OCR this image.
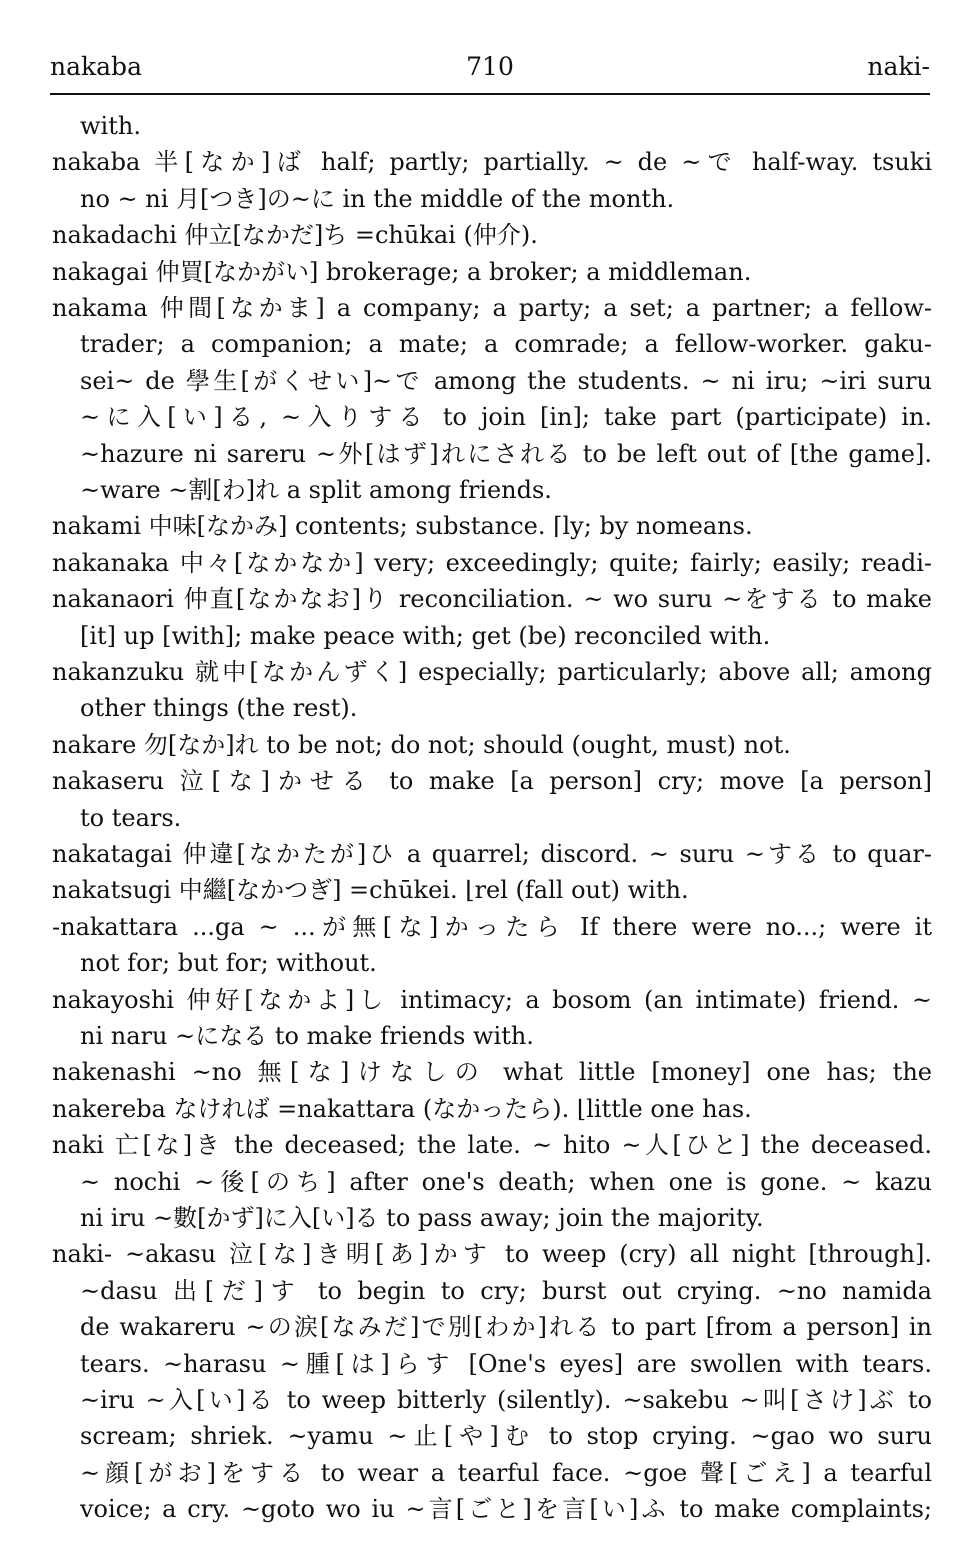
nakaba	710	naki-
with.
nakaba 半[なか]ば half; partly; partially. ~ de ~で half-way. tsuki
no ~ ni 月[つき]の~に in the middle of the month.
nakadachi 仲立[なかだ]ち =chūkai (仲介).
nakagai 仲買[なかがい] brokerage; a broker; a middleman.
nakama 仲間[なかま] a company; a party; a set; a partner; a fellow-
trader; a companion; a mate; a comrade; a fellow-worker. gaku-
sei~ de 學生[がくせい]~で among the students. ~ ni iru; ~iri suru
~に入[い]る, ~入りする to join [in]; take part (participate) in.
~hazure ni sareru ~外[はず]れにされる to be left out of [the game].
~ware ~割[わ]れ a split among friends.
nakami 中味[なかみ] contents; substance. ⌈ly; by nomeans.
nakanaka 中々[なかなか] very; exceedingly; quite; fairly; easily; readi-
nakanaori 仲直[なかなお]り reconciliation. ~ wo suru ~をする to make
[it] up [with]; make peace with; get (be) reconciled with.
nakanzuku 就中[なかんずく] especially; particularly; above all; among
other things (the rest).
nakare 勿[なか]れ to be not; do not; should (ought, must) not.
nakaseru 泣[な]かせる to make [a person] cry; move [a person]
to tears.
nakatagai 仲違[なかたが]ひ a quarrel; discord. ~ suru ~する to quar-
nakatsugi 中繼[なかつぎ] =chūkei. ⌊rel (fall out) with.
-nakattara ...ga ~ ...が無[な]かったら If there were no...; were it
not for; but for; without.
nakayoshi 仲好[なかよ]し intimacy; a bosom (an intimate) friend. ~
ni naru ~になる to make friends with.
nakenashi ~no 無[な]けなしの what little [money] one has; the
nakereba なければ =nakattara (なかったら). ⌊little one has.
naki 亡[な]き the deceased; the late. ~ hito ~人[ひと] the deceased.
~ nochi ~後[のち] after one's death; when one is gone. ~ kazu
ni iru ~數[かず]に入[い]る to pass away; join the majority.
naki- ~akasu 泣[な]き明[あ]かす to weep (cry) all night [through].
~dasu 出[だ]す to begin to cry; burst out crying. ~no namida
de wakareru ~の涙[なみだ]で別[わか]れる to part [from a person] in
tears. ~harasu ~腫[は]らす [One's eyes] are swollen with tears.
~iru ~入[い]る to weep bitterly (silently). ~sakebu ~叫[さけ]ぶ to
scream; shriek. ~yamu ~止[や]む to stop crying. ~gao wo suru
~顔[がお]をする to wear a tearful face. ~goe 聲[ごえ] a tearful
voice; a cry. ~goto wo iu ~言[ごと]を言[い]ふ to make complaints;
